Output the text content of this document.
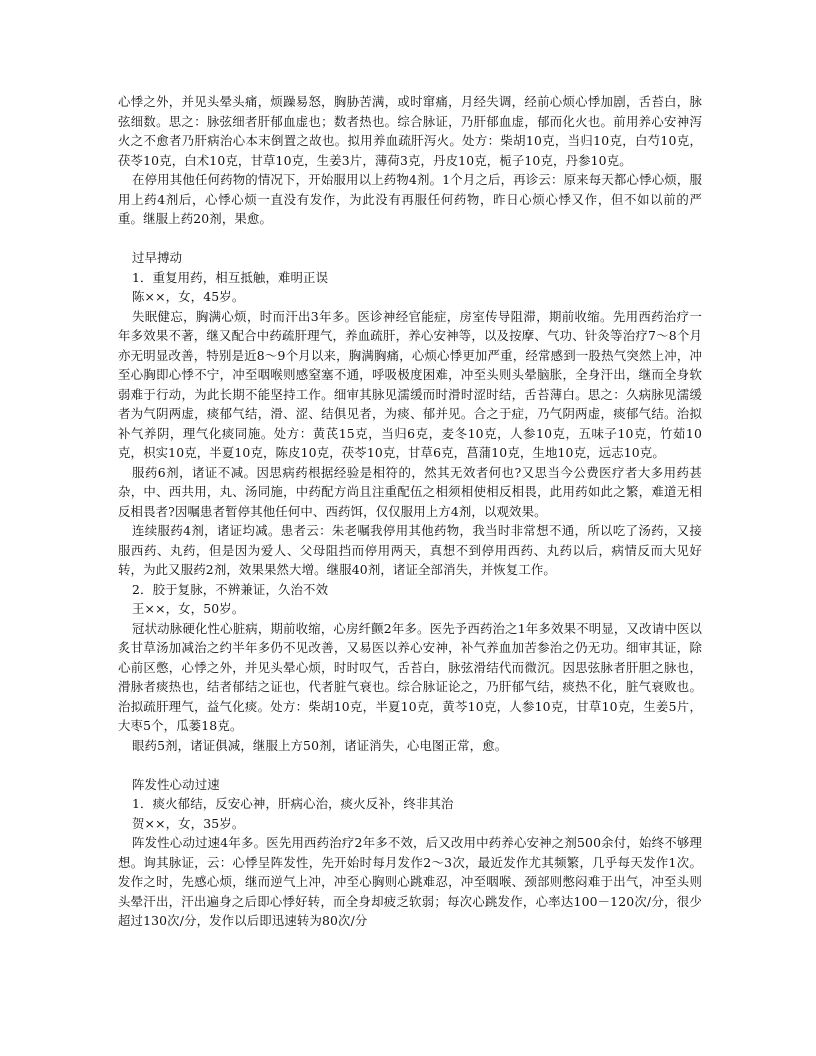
心悸之外，并见头晕头痛，烦躁易怒，胸胁苦满，或时窜痛，月经失调，经前心烦心悸加剧，舌苔白，脉弦细数。思之：脉弦细者肝郁血虚也；数者热也。综合脉证，乃肝郁血虚，郁而化火也。前用养心安神泻火之不愈者乃肝病治心本末倒置之故也。拟用养血疏肝泻火。处方：柴胡10克，当归10克，白芍10克，茯苓10克，白术10克，甘草10克，生姜3片，薄荷3克，丹皮10克，栀子10克，丹参10克。

在停用其他任何药物的情况下，开始服用以上药物4剂。1个月之后，再诊云：原来每天都心悸心烦，服用上药4剂后，心悸心烦一直没有发作，为此没有再服任何药物，昨日心烦心悸又作，但不如以前的严重。继服上药20剂，果愈。

过早搏动

1．重复用药，相互抵触，难明正误

陈××，女，45岁。

失眠健忘，胸满心烦，时而汗出3年多。医诊神经官能症，房室传导阻滞，期前收缩。先用西药治疗一年多效果不著，继又配合中药疏肝理气，养血疏肝，养心安神等，以及按摩、气功、针灸等治疗7～8个月亦无明显改善，特别是近8～9个月以来，胸满胸痛，心烦心悸更加严重，经常感到一股热气突然上冲，冲至心胸即心悸不宁，冲至咽喉则感窒塞不通，呼吸极度困难，冲至头则头晕脑胀，全身汗出，继而全身软弱难于行动，为此长期不能坚持工作。细审其脉见濡缓而时滑时涩时结，舌苔薄白。思之：久病脉见濡缓者为气阴两虚，痰郁气结，滑、涩、结俱见者，为痰、郁并见。合之于症，乃气阴两虚，痰郁气结。治拟补气养阴，理气化痰同施。处方：黄芪15克，当归6克，麦冬10克，人参10克，五味子10克，竹茹10克，枳实10克，半夏10克，陈皮10克，茯苓10克，甘草6克，菖蒲10克，生地10克，远志10克。

服药6剂，诸证不减。因思病药根据经验是相符的，然其无效者何也?又思当今公费医疗者大多用药甚杂，中、西共用，丸、汤同施，中药配方尚且注重配伍之相须相使相反相畏，此用药如此之繁，难道无相反相畏者?因嘱患者暂停其他任何中、西药饵，仅仅服用上方4剂，以观效果。

连续服药4剂，诸证均减。患者云：朱老嘱我停用其他药物，我当时非常想不通，所以吃了汤药，又接服西药、丸药，但是因为爱人、父母阻挡而停用两天，真想不到停用西药、丸药以后，病情反而大见好转，为此又服药2剂，效果果然大增。继服40剂，诸证全部消失，并恢复工作。

2．胶于复脉，不辨兼证，久治不效

王××，女，50岁。

冠状动脉硬化性心脏病，期前收缩，心房纤颤2年多。医先予西药治之1年多效果不明显，又改请中医以炙甘草汤加减治之约半年多仍不见改善，又易医以养心安神，补气养血加苦参治之仍无功。细审其证，除心前区憋，心悸之外，并见头晕心烦，时时叹气，舌苔白，脉弦滑结代而微沉。因思弦脉者肝胆之脉也，滑脉者痰热也，结者郁结之证也，代者脏气衰也。综合脉证论之，乃肝郁气结，痰热不化，脏气衰败也。治拟疏肝理气，益气化痰。处方：柴胡10克，半夏10克，黄芩10克，人参10克，甘草10克，生姜5片，大枣5个，瓜蒌18克。

眼药5剂，诸证俱减，继服上方50剂，诸证消失，心电图正常，愈。

阵发性心动过速

1．痰火郁结，反安心神，肝病心治，痰火反补，终非其治

贺××，女，35岁。

阵发性心动过速4年多。医先用西药治疗2年多不效，后又改用中药养心安神之剂500余付，始终不够理想。询其脉证，云：心悸呈阵发性，先开始时每月发作2～3次，最近发作尤其频繁，几乎每天发作1次。发作之时，先感心烦，继而逆气上冲，冲至心胸则心跳难忍，冲至咽喉、颈部则憋闷难于出气，冲至头则头晕汗出，汗出遍身之后即心悸好转，而全身却疲乏软弱；每次心跳发作，心率达100－120次/分，很少超过130次/分，发作以后即迅速转为80次/分
